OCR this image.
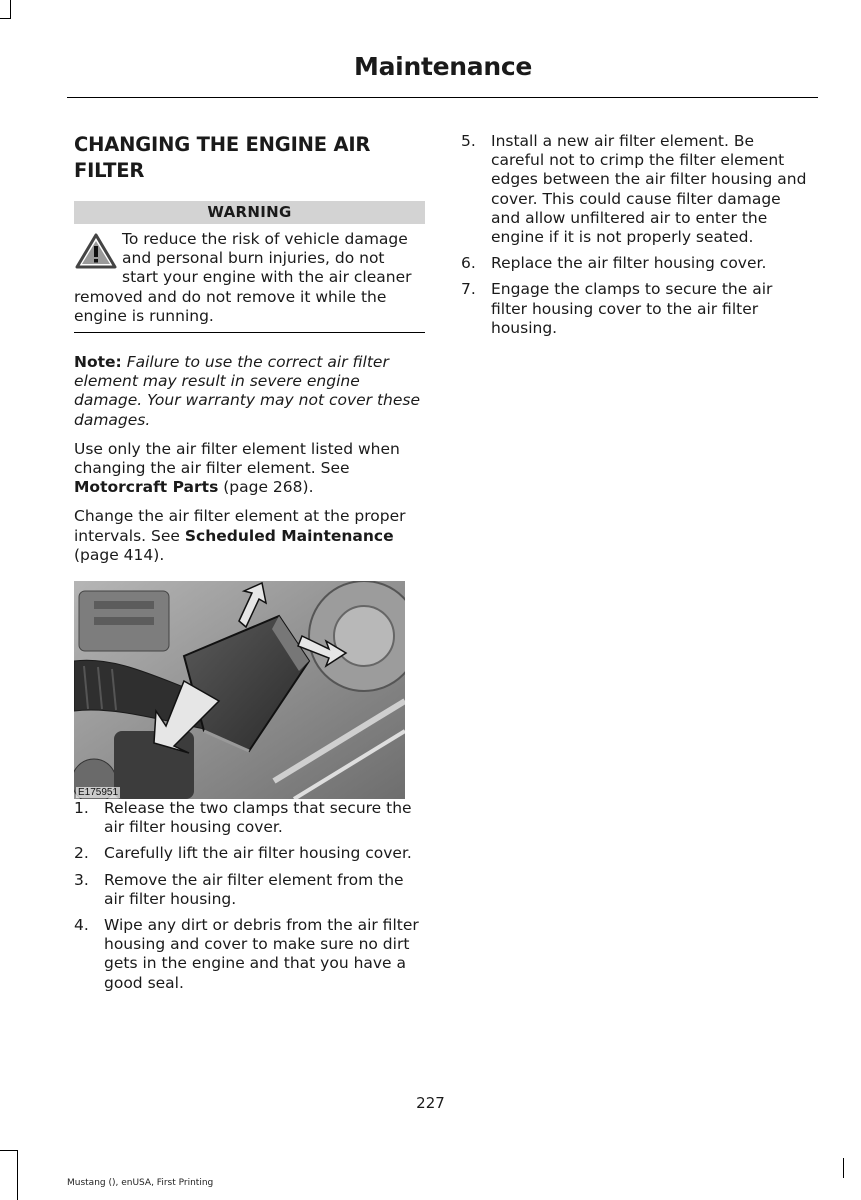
Maintenance
CHANGING THE ENGINE AIR FILTER
WARNING
To reduce the risk of vehicle damage and personal burn injuries, do not start your engine with the air cleaner removed and do not remove it while the engine is running.

Note: Failure to use the correct air filter element may result in severe engine damage. Your warranty may not cover these damages.

Use only the air filter element listed when changing the air filter element. See Motorcraft Parts (page 268).

Change the air filter element at the proper intervals. See Scheduled Maintenance (page 414).

E175951
1. Release the two clamps that secure the air filter housing cover.
2. Carefully lift the air filter housing cover.
3. Remove the air filter element from the air filter housing.
4. Wipe any dirt or debris from the air filter housing and cover to make sure no dirt gets in the engine and that you have a good seal.
5. Install a new air filter element. Be careful not to crimp the filter element edges between the air filter housing and cover. This could cause filter damage and allow unfiltered air to enter the engine if it is not properly seated.
6. Replace the air filter housing cover.
7. Engage the clamps to secure the air filter housing cover to the air filter housing.
227
Mustang (), enUSA, First Printing
